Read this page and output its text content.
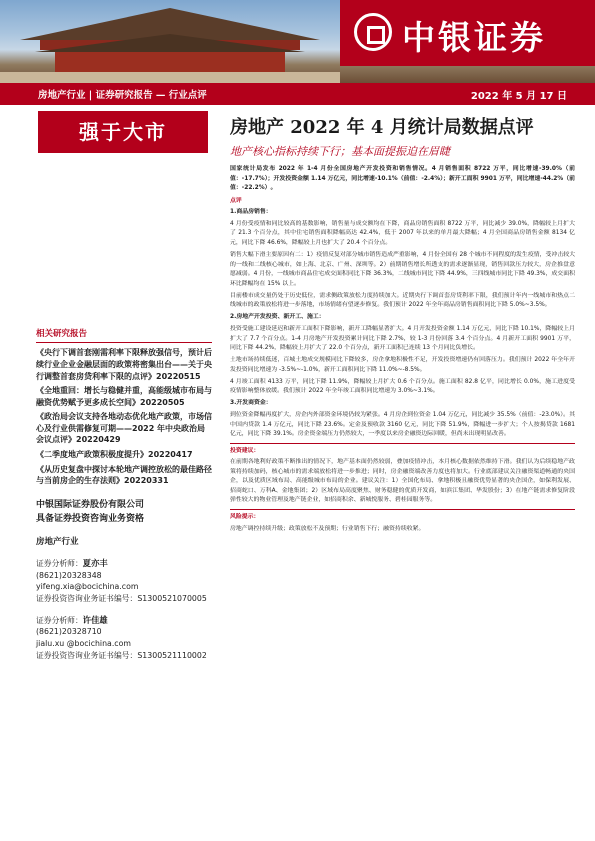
中银证券
房地产行业 | 证券研究报告 — 行业点评	2022 年 5 月 17 日
强于大市	房地产 2022 年 4 月统计局数据点评
地产核心指标持续下行；基本面提振迫在眉睫
相关研究报告
《央行下调首套刚需利率下限释放强信号，预计后续行业企业金融层面的政策将密集出台——关于央行调整首套房贷利率下限的点评》20220515
《全地重回：增长与稳健并重，高能级城市布局与融资优势赋予更多成长空间》20220505
《政治局会议支持各地动态优化地产政策，市场信心及行业供需修复可期——2022 年中央政治局会议点评》20220429
《二季度地产政策积极度提升》20220417
《从历史复盘中探讨本轮地产调控放松的最佳路径与当前房企的生存法则》20220331
中银国际证券股份有限公司
具备证券投资咨询业务资格
房地产行业
证券分析师：夏亦丰
(8621)20328348
yifeng.xia@bocichina.com
证券投资咨询业务证书编号：S1300521070005
证券分析师：许佳雄
(8621)20328710
jialu.xu @bocichina.com
证券投资咨询业务证书编号：S1300521110002

国家统计局发布 2022 年 1-4 月份全国房地产开发投资和销售情况。4 月销售面积 8722 万平，同比增速-39.0%（前值：-17.7%）；开发投资金额 1.14 万亿元，同比增速-10.1%（前值：-2.4%）；新开工面积 9901 万平，同比增速-44.2%（前值：-22.2%）。

点评
1.商品房销售：

4 月份受疫情和同比较高的基数影响，销售量与成交额均在下降，商品房销售面积 8722 万平，同比减少 39.0%，降幅较上月扩大了 21.3 个百分点，其中住宅销售面积降幅高达 42.4%，低于 2007 年以来的单月最大降幅；4 月全国商品房销售金额 8134 亿元，同比下降 46.6%，降幅较上月也扩大了 20.4 个百分点。

销售大幅下滑主要原因有二：1）疫情反复对部分城市销售造成严重影响，4 月份全国有 28 个城市不同程度的发生疫情，受冲击较大的一线和二线核心城市，如上海、北京、广州、深圳等。2）前期销售增长所透支的需求逐渐显现，销售回款压力较大，房企推盘意愿减弱。4 月份，一线城市商品住宅成交面积同比下降 36.3%，二线城市同比下降 44.9%，三四线城市同比下降 49.3%，成交面积环比降幅均在 15% 以上。

目前楼市成交量仍处于历史低位，需求侧政策放松力度持续加大。近期央行下调首套房贷利率下限，我们预计年内一线城市和热点二线城市的政策放松将进一步落地，市场情绪有望逐步修复。我们预计 2022 年全年商品房销售面积同比下降 5.0%~3.5%。

2.房地产开发投资、新开工、施工：

投资受施工建设延迟和新开工面积下降影响，新开工降幅显著扩大。4 月开发投资金额 1.14 万亿元，同比下降 10.1%，降幅较上月扩大了 7.7 个百分点。1-4 月房地产开发投资累计同比下降 2.7%，较 1-3 月份回落 3.4 个百分点。4 月新开工面积 9901 万平，同比下降 44.2%，降幅较上月扩大了 22.0 个百分点，新开工面积已连续 13 个月同比负增长。

土地市场持续低迷，百城土地成交规模同比下降较多，房企拿地积极性不足，开发投资增速仍有回落压力。我们预计 2022 年全年开发投资同比增速为 -3.5%~-1.0%，新开工面积同比下降 11.0%~-8.5%。

4 月竣工面积 4133 万平，同比下降 11.9%，降幅较上月扩大 0.6 个百分点。施工面积 82.8 亿平，同比增长 0.0%，施工进度受疫情影响整体放缓。我们预计 2022 年全年竣工面积同比增速为 3.0%~3.1%。

3.开发商资金：

到位资金降幅再度扩大，房企内外部资金环境仍较为紧张。4 月房企到位资金 1.04 万亿元，同比减少 35.5%（前值：-23.0%）。其中国内贷款 1.4 万亿元，同比下降 23.6%。定金及预收款 3160 亿元，同比下降 51.9%，降幅进一步扩大；个人按揭贷款 1681 亿元，同比下降 39.1%。房企资金端压力仍然较大，一季度以来房企融资边际回暖，但尚未出现明显改善。

投资建议：

在前期各地利好政策不断推出的情况下，地产基本面仍然较弱，叠加疫情冲击，本月核心数据依然维持下滑。我们认为后续稳地产政策将持续加码，核心城市的需求端放松将进一步推进；同时，房企融资端改善力度也将加大。行业底部建议关注融资渠道畅通的央国企，以及优质区域布局、高能级城市布局的企业。建议关注：1）全国化布局、拿地积极且融资优势显著的央企国企，如保利发展、招商蛇口、万科A、金地集团；2）区域布局高度聚焦、财务稳健的优质开发商，如滨江集团、华发股份；3）在地产链需求修复阶段弹性较大的物业管理及地产链企业，如招商积余、新城悦服务、碧桂园服务等。

风险提示：

房地产调控持续升级；政策放松不及预期；行业销售下行；融资持续收紧。
